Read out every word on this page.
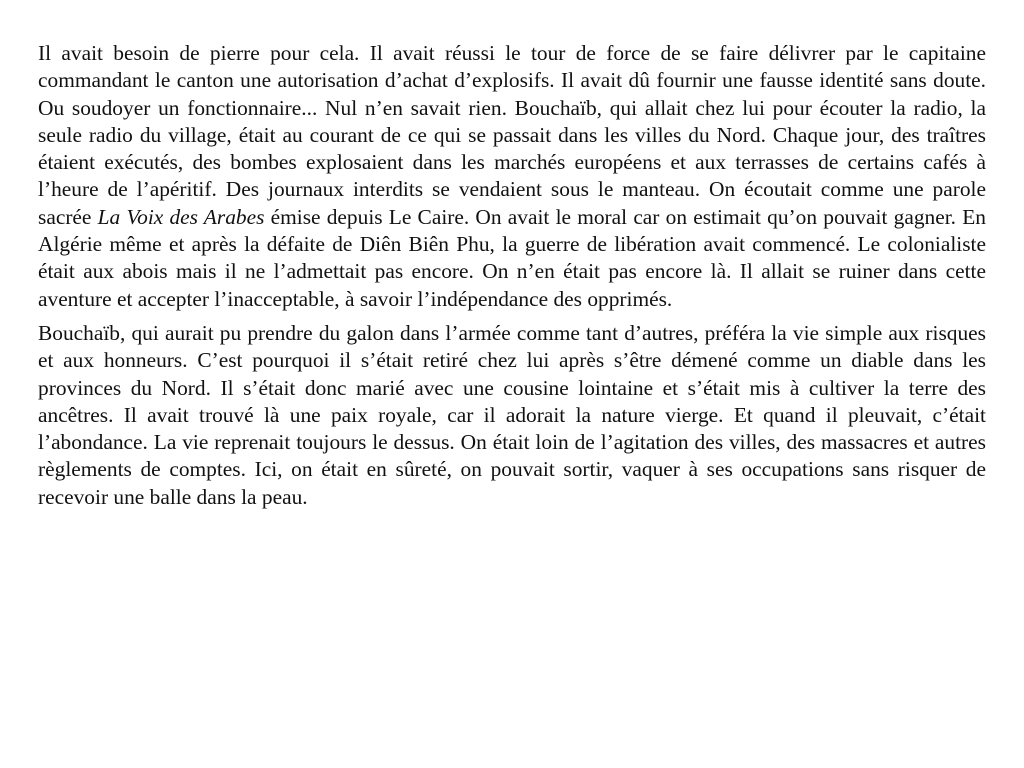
Il avait besoin de pierre pour cela. Il avait réussi le tour de force de se faire délivrer par le capitaine commandant le canton une autorisation d’achat d’explosifs. Il avait dû fournir une fausse identité sans doute. Ou soudoyer un fonctionnaire... Nul n’en savait rien. Bouchaïb, qui allait chez lui pour écouter la radio, la seule radio du village, était au courant de ce qui se passait dans les villes du Nord. Chaque jour, des traîtres étaient exécutés, des bombes explosaient dans les marchés européens et aux terrasses de certains cafés à l’heure de l’apéritif. Des journaux interdits se vendaient sous le manteau. On écoutait comme une parole sacrée La Voix des Arabes émise depuis Le Caire. On avait le moral car on estimait qu’on pouvait gagner. En Algérie même et après la défaite de Diên Biên Phu, la guerre de libération avait commencé. Le colonialiste était aux abois mais il ne l’admettait pas encore. On n’en était pas encore là. Il allait se ruiner dans cette aventure et accepter l’inacceptable, à savoir l’indépendance des opprimés.

Bouchaïb, qui aurait pu prendre du galon dans l’armée comme tant d’autres, préféra la vie simple aux risques et aux honneurs. C’est pourquoi il s’était retiré chez lui après s’être démené comme un diable dans les provinces du Nord. Il s’était donc marié avec une cousine lointaine et s’était mis à cultiver la terre des ancêtres. Il avait trouvé là une paix royale, car il adorait la nature vierge. Et quand il pleuvait, c’était l’abondance. La vie reprenait toujours le dessus. On était loin de l’agitation des villes, des massacres et autres règlements de comptes. Ici, on était en sûreté, on pouvait sortir, vaquer à ses occupations sans risquer de recevoir une balle dans la peau.
